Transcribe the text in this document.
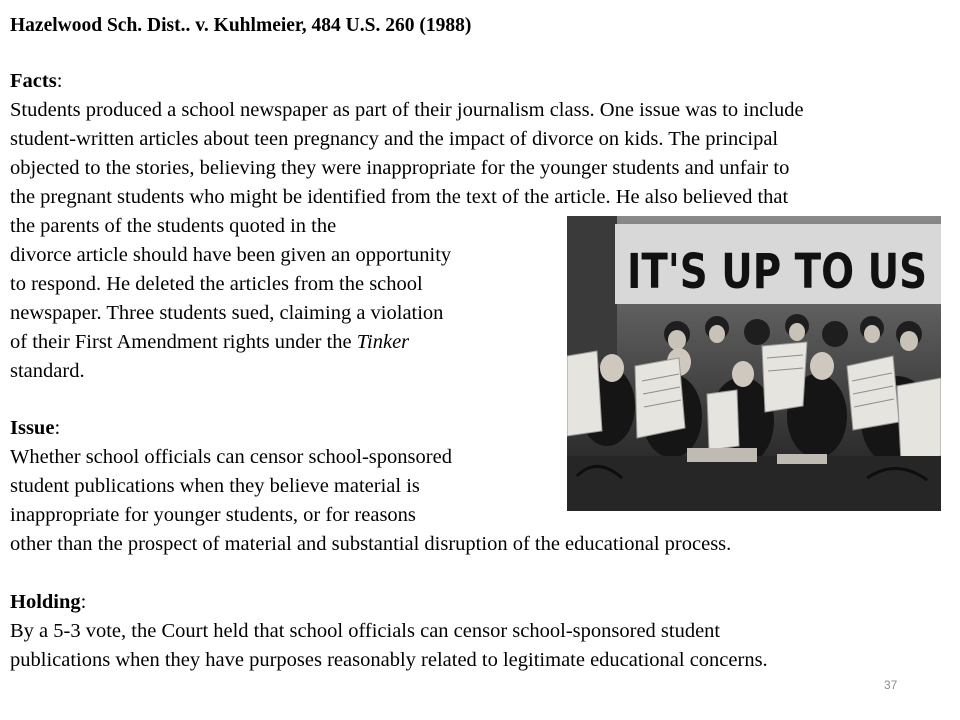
Hazelwood Sch. Dist.. v. Kuhlmeier, 484 U.S. 260 (1988)
Facts:
Students produced a school newspaper as part of their journalism class. One issue was to include
student-written articles about teen pregnancy and the impact of divorce on kids. The principal
objected to the stories, believing they were inappropriate for the younger students and unfair to
the pregnant students who might be identified from the text of the article. He also believed that
the parents of the students quoted in the
divorce article should have been given an opportunity
to respond. He deleted the articles from the school
newspaper. Three students sued, claiming a violation
of their First Amendment rights under the Tinker
standard.
Issue:
Whether school officials can censor school-sponsored
student publications when they believe material is
inappropriate for younger students, or for reasons
other than the prospect of material and substantial disruption of the educational process.
Holding:
By a 5-3 vote, the Court held that school officials can censor school-sponsored student
publications when they have purposes reasonably related to legitimate educational concerns.
IT'S UP TO US
37
